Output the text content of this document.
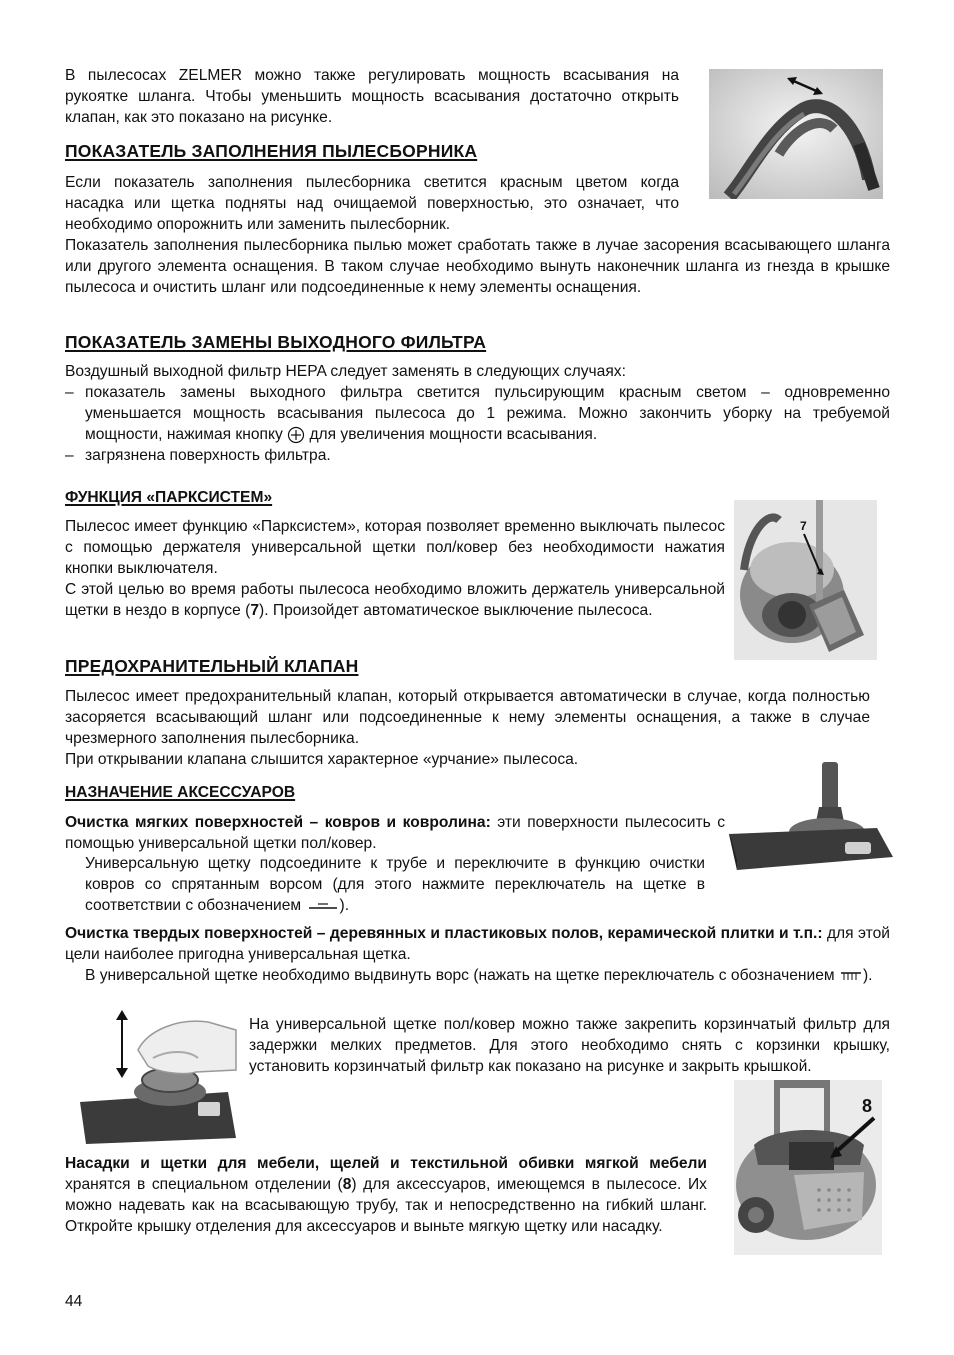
В пылесосах ZELMER можно также регулировать мощность всасывания на рукоятке шланга. Чтобы уменьшить мощность всасывания достаточно открыть клапан, как это показано на рисунке.

ПОКАЗАТЕЛЬ ЗАПОЛНЕНИЯ ПЫЛЕСБОРНИКА

Если показатель заполнения пылесборника светится красным цветом когда насадка или щетка подняты над очищаемой поверхностью, это означает, что необходимо опорожнить или заменить пылесборник.

Показатель заполнения пылесборника пылью может сработать также в лучае засорения всасывающего шланга или другого элемента оснащения. В таком случае необходимо вынуть наконечник шланга из гнезда в крышке пылесоса и очистить шланг или подсоединенные к нему элементы оснащения.

ПОКАЗАТЕЛЬ ЗАМЕНЫ ВЫХОДНОГО ФИЛЬТРА

Воздушный выходной фильтр HEPA следует заменять в следующих случаях:

– показатель замены выходного фильтра светится пульсирующим красным светом – одновременно уменьшается мощность всасывания пылесоса до 1 режима. Можно закончить уборку на требуемой мощности, нажимая кнопку для увеличения мощности всасывания.

– загрязнена поверхность фильтра.

ФУНКЦИЯ «ПАРКСИСТЕМ»

Пылесос имеет функцию «Парксистем», которая позволяет временно выключать пылесос с помощью держателя универсальной щетки пол/ковер без необходимости нажатия кнопки выключателя.

С этой целью во время работы пылесоса необходимо вложить держатель универсальной щетки в нездо в корпусе (7). Произойдет автоматическое выключение пылесоса.

7
ПРЕДОХРАНИТЕЛЬНЫЙ КЛАПАН

Пылесос имеет предохранительный клапан, который открывается автоматически в случае, когда полностью засоряется всасывающий шланг или подсоединенные к нему элементы оснащения, а также в случае чрезмерного заполнения пылесборника.

При открывании клапана слышится характерное «урчание» пылесоса.

НАЗНАЧЕНИЕ АКСЕССУАРОВ

Очистка мягких поверхностей – ковров и ковролина: эти поверхности пылесосить с помощью универсальной щетки пол/ковер.

Универсальную щетку подсоедините к трубе и переключите в функцию очистки ковров со спрятанным ворсом (для этого нажмите переключатель на щетке в соответствии с обозначением ).

Очистка твердых поверхностей – деревянных и пластиковых полов, керамической плитки и т.п.: для этой цели наиболее пригодна универсальная щетка.

В универсальной щетке необходимо выдвинуть ворс (нажать на щетке переключатель с обозначением ).

На универсальной щетке пол/ковер можно также закрепить корзинчатый фильтр для задержки мелких предметов. Для этого необходимо снять с корзинки крышку, установить корзинчатый фильтр как показано на рисунке и закрыть крышкой.

8

Насадки и щетки для мебели, щелей и текстильной обивки мягкой мебели хранятся в специальном отделении (8) для аксессуаров, имеющемся в пылесосе. Их можно надевать как на всасывающую трубу, так и непосредственно на гибкий шланг. Откройте крышку отделения для аксессуаров и выньте мягкую щетку или насадку.

44
